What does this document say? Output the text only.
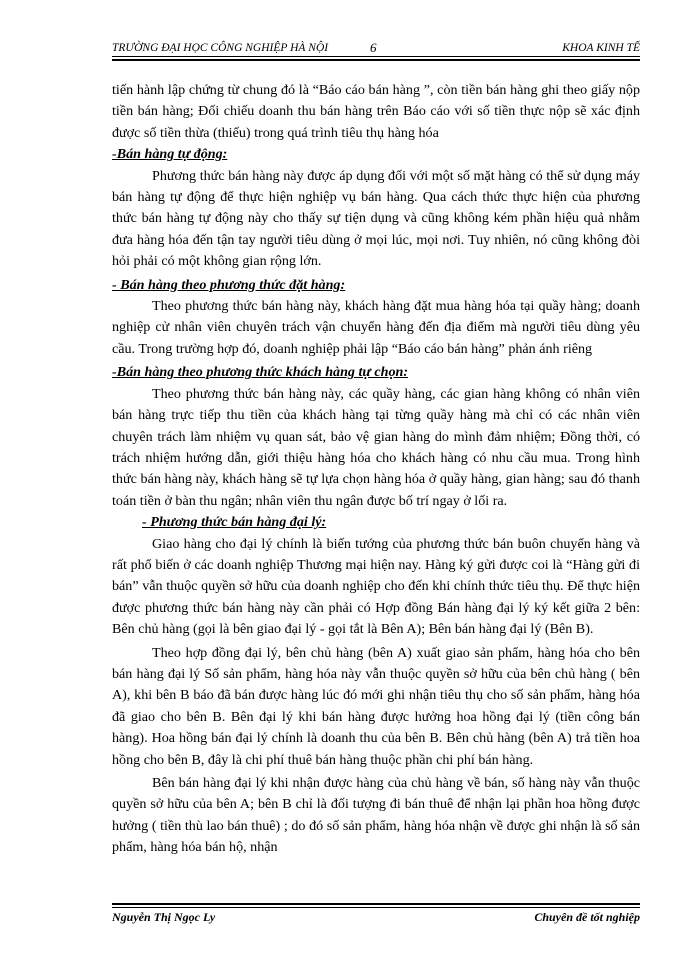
TRƯỜNG ĐẠI HỌC CÔNG NGHIỆP HÀ NỘI	6	KHOA KINH TẾ

tiến hành lập chứng từ chung đó là “Báo cáo bán hàng ”, còn tiền bán hàng ghi theo giấy nộp tiền bán hàng; Đối chiếu doanh thu bán hàng trên Báo cáo với số tiền thực nộp sẽ xác định được số tiền thừa (thiếu) trong quá trình tiêu thụ hàng hóa

-Bán hàng tự động:

Phương thức bán hàng này được áp dụng đối với một số mặt hàng có thể sử dụng máy bán hàng tự động để thực hiện nghiệp vụ bán hàng. Qua cách thức thực hiện của phương thức bán hàng tự động này cho thấy sự tiện dụng và cũng không kém phần hiệu quả nhằm đưa hàng hóa đến tận tay người tiêu dùng ở mọi lúc, mọi nơi. Tuy nhiên, nó cũng không đòi hỏi phải có một không gian rộng lớn.

- Bán hàng theo phương thức đặt hàng:

Theo phương thức bán hàng này, khách hàng đặt mua hàng hóa tại quầy hàng; doanh nghiệp cử nhân viên chuyên trách vận chuyển hàng đến địa điểm mà người tiêu dùng yêu cầu. Trong trường hợp đó, doanh nghiệp phải lập “Báo cáo bán hàng” phản ánh riêng

-Bán hàng theo phương thức khách hàng tự chọn:

Theo phương thức bán hàng này, các quầy hàng, các gian hàng không có nhân viên bán hàng trực tiếp thu tiền của khách hàng tại từng quầy hàng mà chỉ có các nhân viên chuyên trách làm nhiệm vụ quan sát, bảo vệ gian hàng do mình đảm nhiệm; Đồng thời, có trách nhiệm hướng dẫn, giới thiệu hàng hóa cho khách hàng có nhu cầu mua. Trong hình thức bán hàng này, khách hàng sẽ tự lựa chọn hàng hóa ở quầy hàng, gian hàng; sau đó thanh toán tiền ở bàn thu ngân; nhân viên thu ngân được bố trí ngay ở lối ra.

- Phương thức bán hàng đại lý:

Giao hàng cho đại lý chính là biến tướng của phương thức bán buôn chuyển hàng và rất phổ biến ở các doanh nghiệp Thương mại hiện nay. Hàng ký gửi được coi là “Hàng gửi đi bán” vẫn thuộc quyền sở hữu của doanh nghiệp cho đến khi chính thức tiêu thụ. Để thực hiện được phương thức bán hàng này cần phải có Hợp đồng Bán hàng đại lý ký kết giữa 2 bên: Bên chủ hàng (gọi là bên giao đại lý - gọi tắt là Bên A); Bên bán hàng đại lý (Bên B).

Theo hợp đồng đại lý, bên chủ hàng (bên A) xuất giao sản phẩm, hàng hóa cho bên bán hàng đại lý Số sản phẩm, hàng hóa này vẫn thuộc quyền sở hữu của bên chủ hàng ( bên A), khi bên B báo đã bán được hàng lúc đó mới ghi nhận tiêu thụ cho số sản phẩm, hàng hóa đã giao cho bên B. Bên đại lý khi bán hàng được hưởng hoa hồng đại lý (tiền công bán hàng). Hoa hồng bán đại lý chính là doanh thu của bên B. Bên chủ hàng (bên A) trả tiền hoa hồng cho bên B, đây là chi phí thuê bán hàng thuộc phần chi phí bán hàng.

Bên bán hàng đại lý khi nhận được hàng của chủ hàng về bán, số hàng này vẫn thuộc quyền sở hữu của bên A; bên B chỉ là đối tượng đi bán thuê để nhận lại phần hoa hồng được hưởng ( tiền thù lao bán thuê) ; do đó số sản phẩm, hàng hóa nhận về được ghi nhận là số sản phẩm, hàng hóa bán hộ, nhận

Nguyễn Thị Ngọc Ly	Chuyên đề tốt nghiệp
